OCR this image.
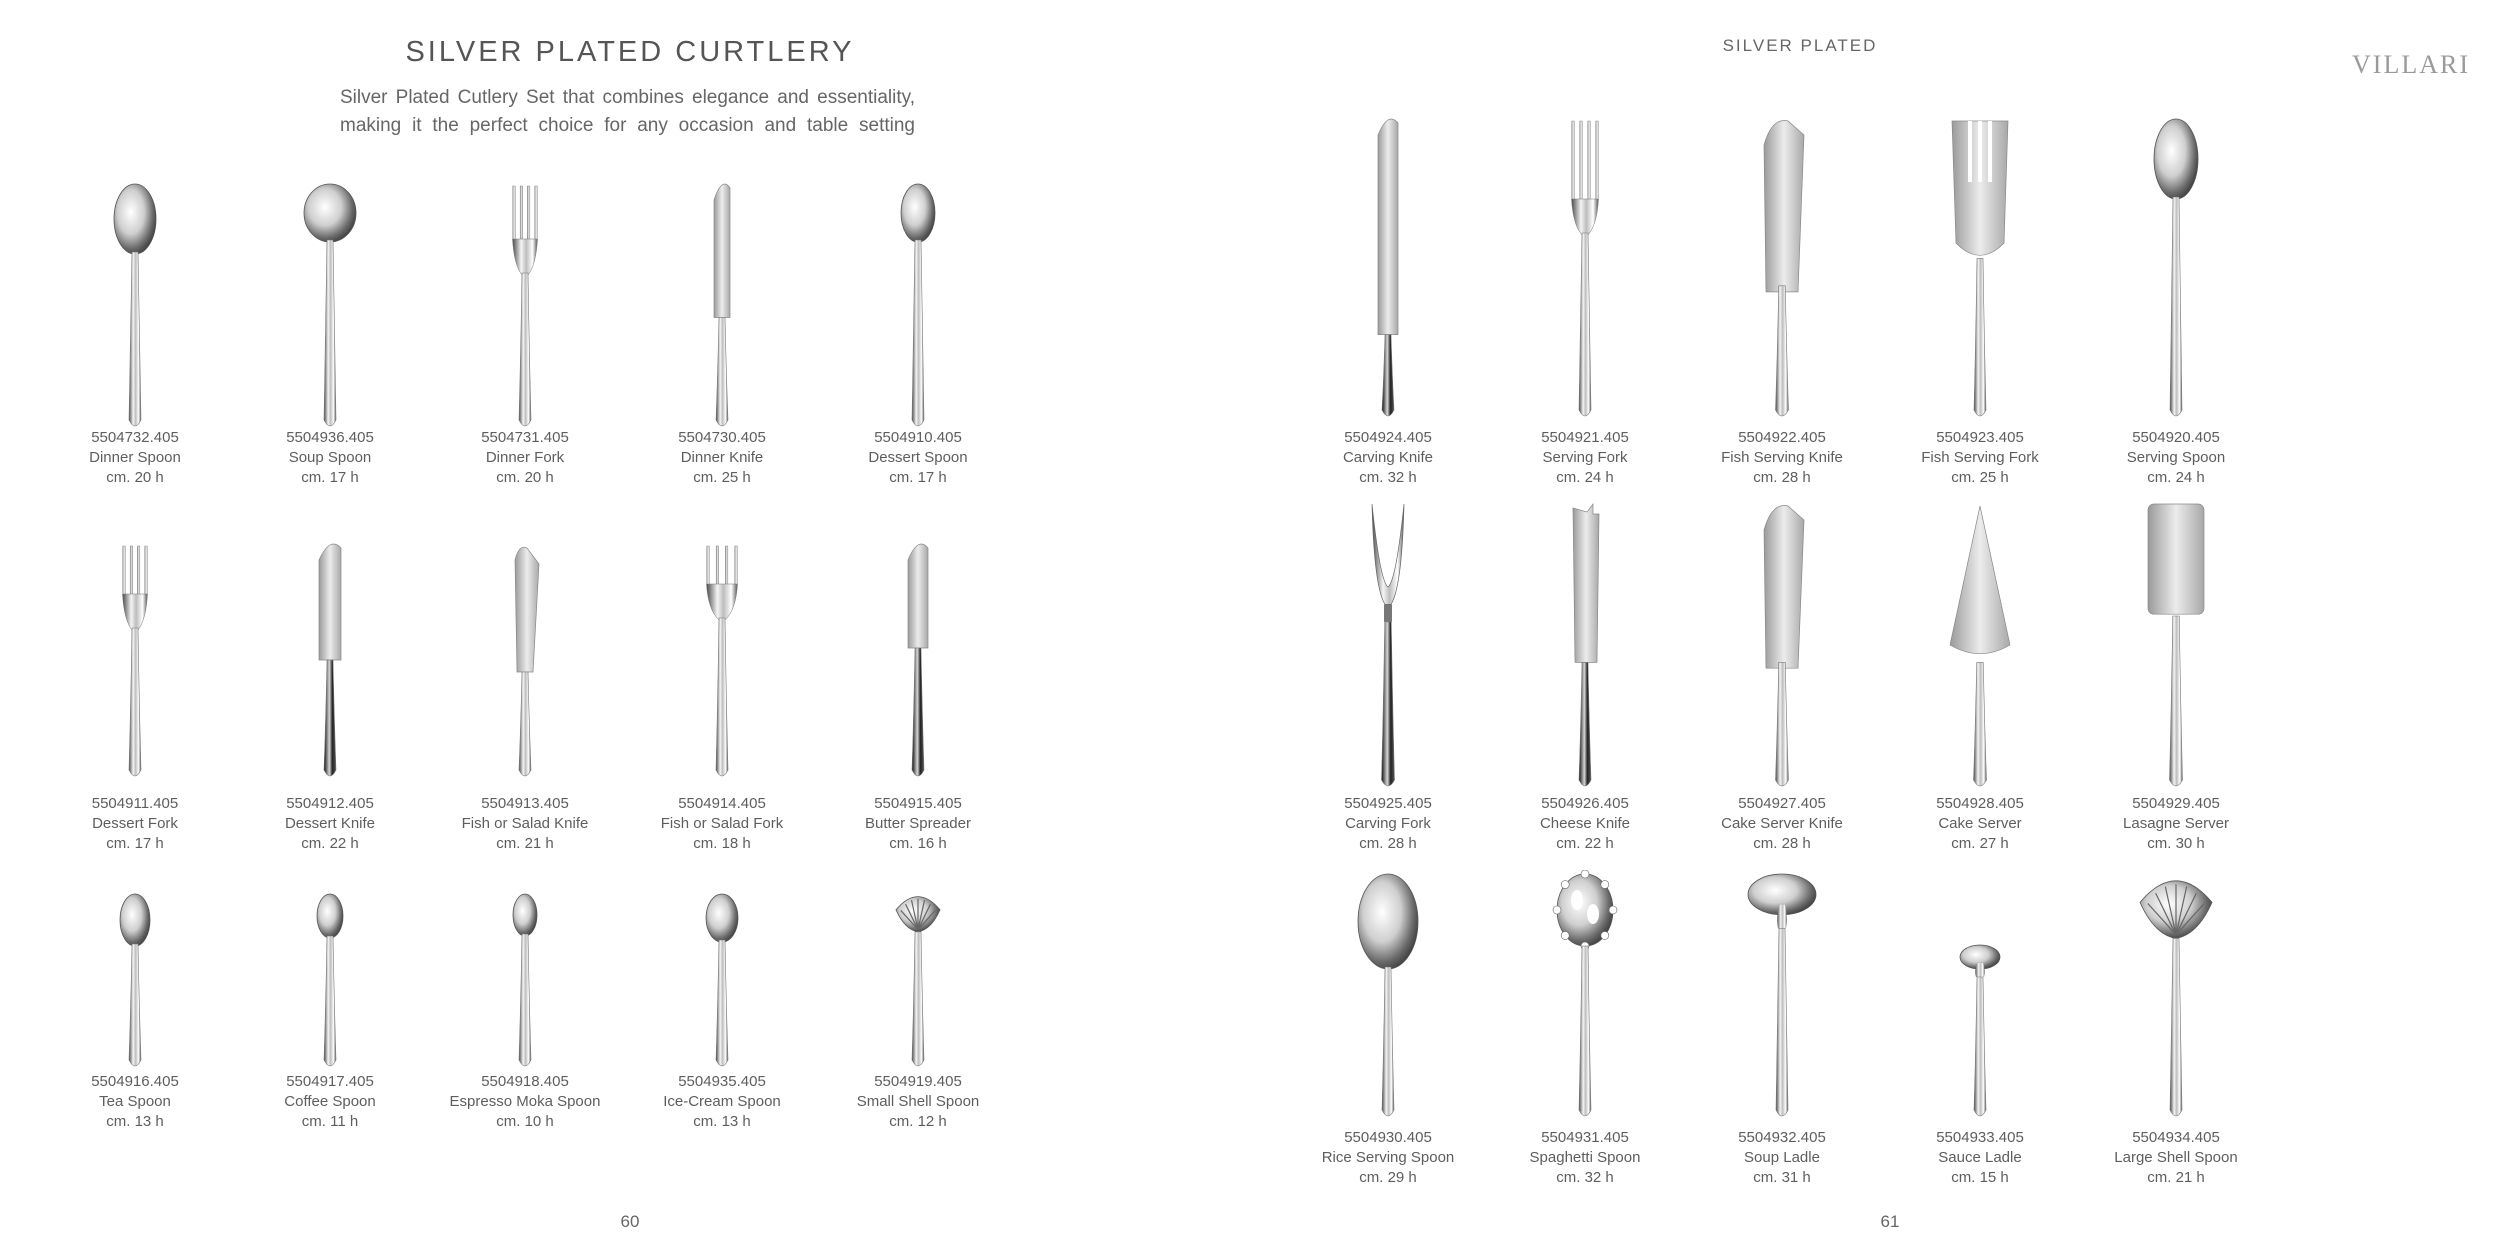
SILVER PLATED CURTLERY
Silver Plated Cutlery Set that combines elegance and essentiality,
making it the perfect choice for any occasion and table setting
5504732.405
Dinner Spoon
cm. 20 h
5504936.405
Soup Spoon
cm. 17 h
5504731.405
Dinner Fork
cm. 20 h
5504730.405
Dinner Knife
cm. 25 h
5504910.405
Dessert Spoon
cm. 17 h
5504911.405
Dessert Fork
cm. 17 h
5504912.405
Dessert Knife
cm. 22 h
5504913.405
Fish or Salad Knife
cm. 21 h
5504914.405
Fish or Salad Fork
cm. 18 h
5504915.405
Butter Spreader
cm. 16 h
5504916.405
Tea Spoon
cm. 13 h
5504917.405
Coffee Spoon
cm. 11 h
5504918.405
Espresso Moka Spoon
cm. 10 h
5504935.405
Ice-Cream Spoon
cm. 13 h
5504919.405
Small Shell Spoon
cm. 12 h
60
SILVER PLATED
VILLARI
5504924.405
Carving Knife
cm. 32 h
5504921.405
Serving Fork
cm. 24 h
5504922.405
Fish Serving Knife
cm. 28 h
5504923.405
Fish Serving Fork
cm. 25 h
5504920.405
Serving Spoon
cm. 24 h
5504925.405
Carving Fork
cm. 28 h
5504926.405
Cheese Knife
cm. 22 h
5504927.405
Cake Server Knife
cm. 28 h
5504928.405
Cake Server
cm. 27 h
5504929.405
Lasagne Server
cm. 30 h
5504930.405
Rice Serving Spoon
cm. 29 h
5504931.405
Spaghetti Spoon
cm. 32 h
5504932.405
Soup Ladle
cm. 31 h
5504933.405
Sauce Ladle
cm. 15 h
5504934.405
Large Shell Spoon
cm. 21 h
61
